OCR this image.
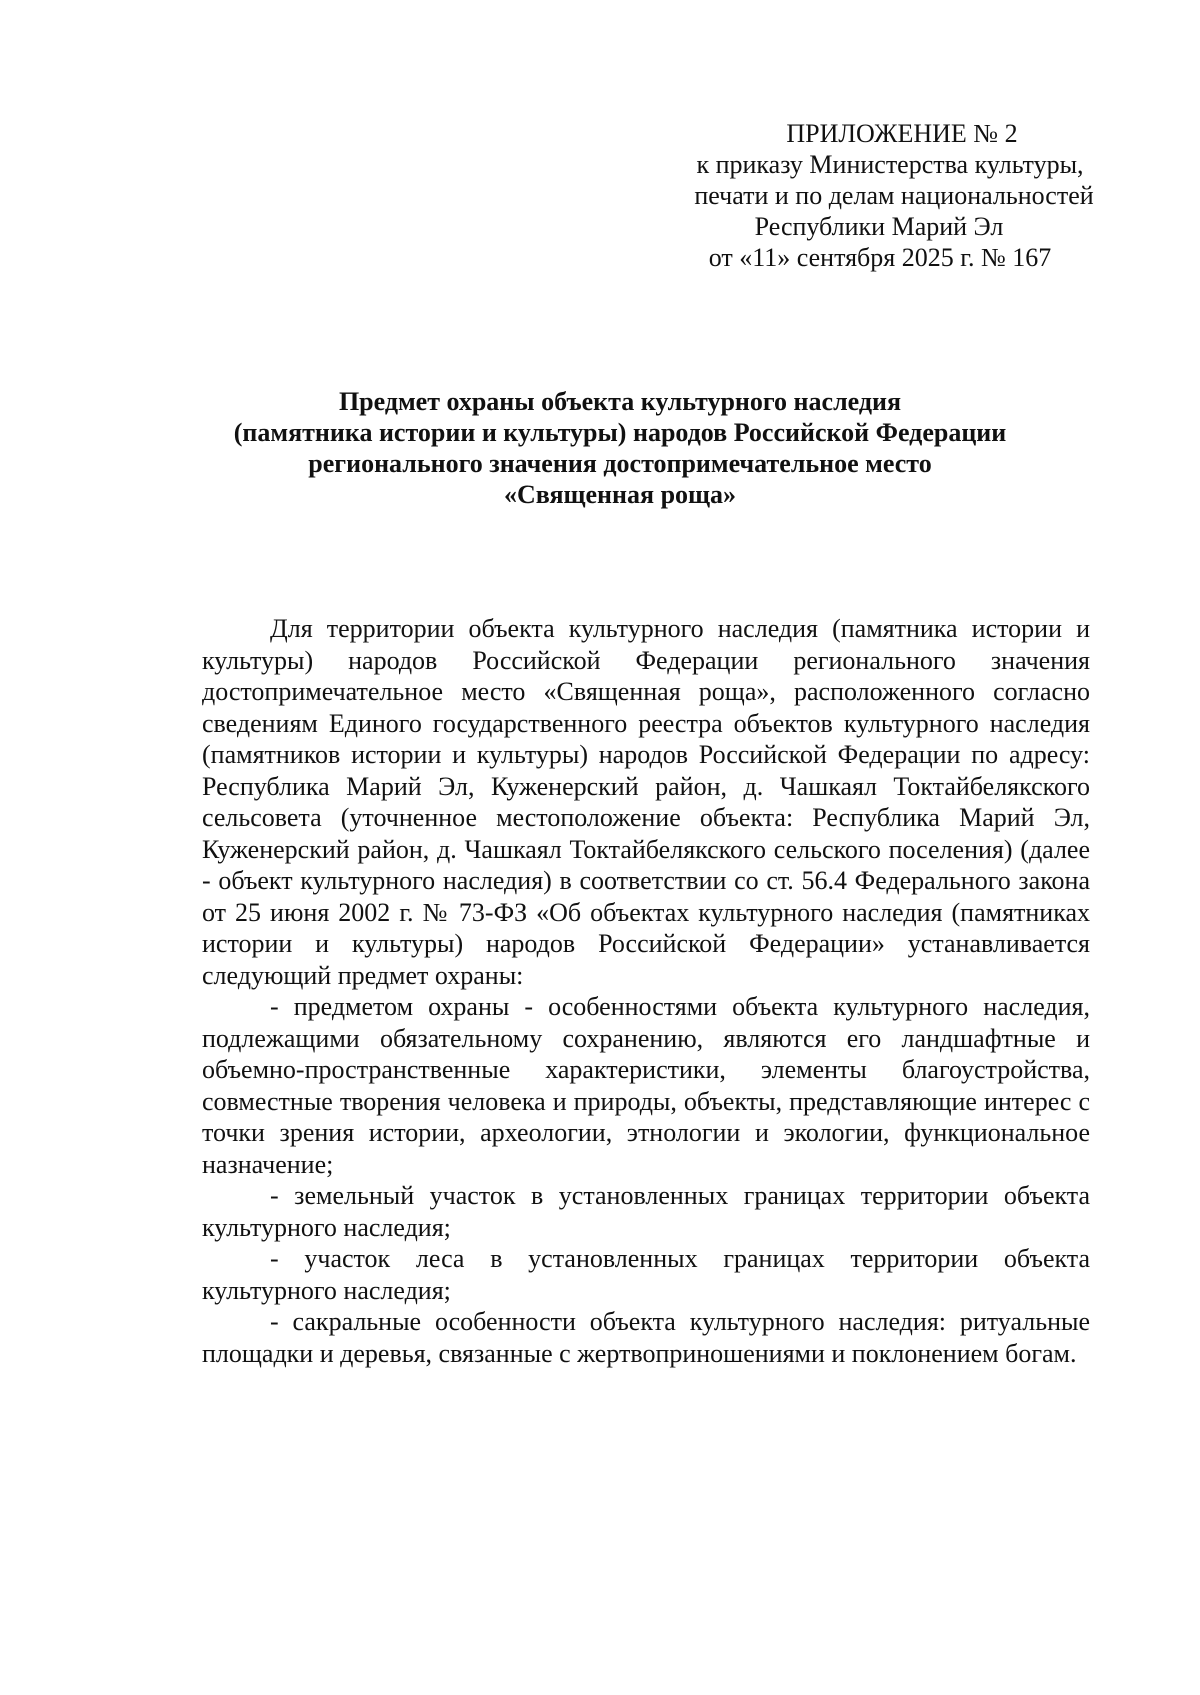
ПРИЛОЖЕНИЕ № 2
к приказу Министерства культуры,
печати и по делам национальностей
Республики Марий Эл
от «11» сентября 2025 г. № 167
Предмет охраны объекта культурного наследия
(памятника истории и культуры) народов Российской Федерации
регионального значения достопримечательное место
«Священная роща»

Для территории объекта культурного наследия (памятника истории и культуры) народов Российской Федерации регионального значения достопримечательное место «Священная роща», расположенного согласно сведениям Единого государственного реестра объектов культурного наследия (памятников истории и культуры) народов Российской Федерации по адресу: Республика Марий Эл, Куженерский район, д. Чашкаял Токтайбелякского сельсовета (уточненное местоположение объекта: Республика Марий Эл, Куженерский район, д. Чашкаял Токтайбелякского сельского поселения) (далее - объект культурного наследия) в соответствии со ст. 56.4 Федерального закона от 25 июня 2002 г. № 73-ФЗ «Об объектах культурного наследия (памятниках истории и культуры) народов Российской Федерации» устанавливается следующий предмет охраны:

- предметом охраны - особенностями объекта культурного наследия, подлежащими обязательному сохранению, являются его ландшафтные и объемно-пространственные характеристики, элементы благоустройства, совместные творения человека и природы, объекты, представляющие интерес с точки зрения истории, археологии, этнологии и экологии, функциональное назначение;

- земельный участок в установленных границах территории объекта культурного наследия;

- участок леса в установленных границах территории объекта культурного наследия;

- сакральные особенности объекта культурного наследия: ритуальные площадки и деревья, связанные с жертвоприношениями и поклонением богам.
